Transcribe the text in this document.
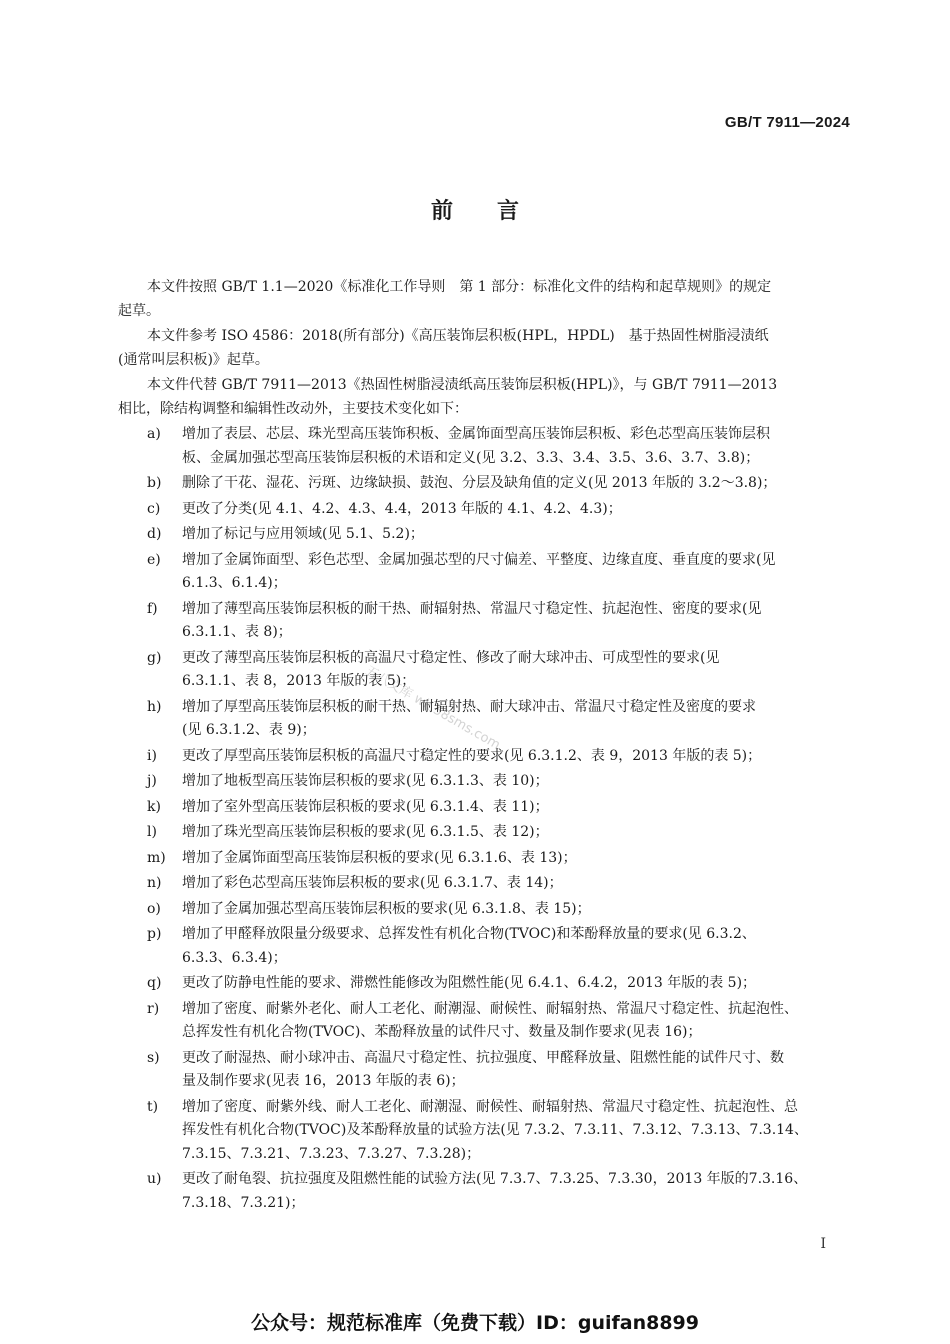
GB/T 7911—2024
前言
五八文库 wk.58sms.com
本文件按照 GB/T 1.1—2020《标准化工作导则　第 1 部分：标准化文件的结构和起草规则》的规定
起草。
本文件参考 ISO 4586：2018(所有部分)《高压装饰层积板(HPL，HPDL)　基于热固性树脂浸渍纸
(通常叫层积板)》起草。
本文件代替 GB/T 7911—2013《热固性树脂浸渍纸高压装饰层积板(HPL)》，与 GB/T 7911—2013
相比，除结构调整和编辑性改动外，主要技术变化如下：
a)	增加了表层、芯层、珠光型高压装饰积板、金属饰面型高压装饰层积板、彩色芯型高压装饰层积
板、金属加强芯型高压装饰层积板的术语和定义(见 3.2、3.3、3.4、3.5、3.6、3.7、3.8)；
b)	删除了干花、湿花、污斑、边缘缺损、鼓泡、分层及缺角值的定义(见 2013 年版的 3.2～3.8)；
c)	更改了分类(见 4.1、4.2、4.3、4.4，2013 年版的 4.1、4.2、4.3)；
d)	增加了标记与应用领域(见 5.1、5.2)；
e)	增加了金属饰面型、彩色芯型、金属加强芯型的尺寸偏差、平整度、边缘直度、垂直度的要求(见
6.1.3、6.1.4)；
f)	增加了薄型高压装饰层积板的耐干热、耐辐射热、常温尺寸稳定性、抗起泡性、密度的要求(见
6.3.1.1、表 8)；
g)	更改了薄型高压装饰层积板的高温尺寸稳定性、修改了耐大球冲击、可成型性的要求(见
6.3.1.1、表 8，2013 年版的表 5)；
h)	增加了厚型高压装饰层积板的耐干热、耐辐射热、耐大球冲击、常温尺寸稳定性及密度的要求
(见 6.3.1.2、表 9)；
i)	更改了厚型高压装饰层积板的高温尺寸稳定性的要求(见 6.3.1.2、表 9，2013 年版的表 5)；
j)	增加了地板型高压装饰层积板的要求(见 6.3.1.3、表 10)；
k)	增加了室外型高压装饰层积板的要求(见 6.3.1.4、表 11)；
l)	增加了珠光型高压装饰层积板的要求(见 6.3.1.5、表 12)；
m)	增加了金属饰面型高压装饰层积板的要求(见 6.3.1.6、表 13)；
n)	增加了彩色芯型高压装饰层积板的要求(见 6.3.1.7、表 14)；
o)	增加了金属加强芯型高压装饰层积板的要求(见 6.3.1.8、表 15)；
p)	增加了甲醛释放限量分级要求、总挥发性有机化合物(TVOC)和苯酚释放量的要求(见 6.3.2、
6.3.3、6.3.4)；
q)	更改了防静电性能的要求、滞燃性能修改为阻燃性能(见 6.4.1、6.4.2，2013 年版的表 5)；
r)	增加了密度、耐紫外老化、耐人工老化、耐潮湿、耐候性、耐辐射热、常温尺寸稳定性、抗起泡性、
总挥发性有机化合物(TVOC)、苯酚释放量的试件尺寸、数量及制作要求(见表 16)；
s)	更改了耐湿热、耐小球冲击、高温尺寸稳定性、抗拉强度、甲醛释放量、阻燃性能的试件尺寸、数
量及制作要求(见表 16，2013 年版的表 6)；
t)	增加了密度、耐紫外线、耐人工老化、耐潮湿、耐候性、耐辐射热、常温尺寸稳定性、抗起泡性、总
挥发性有机化合物(TVOC)及苯酚释放量的试验方法(见 7.3.2、7.3.11、7.3.12、7.3.13、7.3.14、
7.3.15、7.3.21、7.3.23、7.3.27、7.3.28)；
u)	更改了耐龟裂、抗拉强度及阻燃性能的试验方法(见 7.3.7、7.3.25、7.3.30，2013 年版的7.3.16、
7.3.18、7.3.21)；
I
公众号：规范标准库（免费下载）ID：guifan8899
